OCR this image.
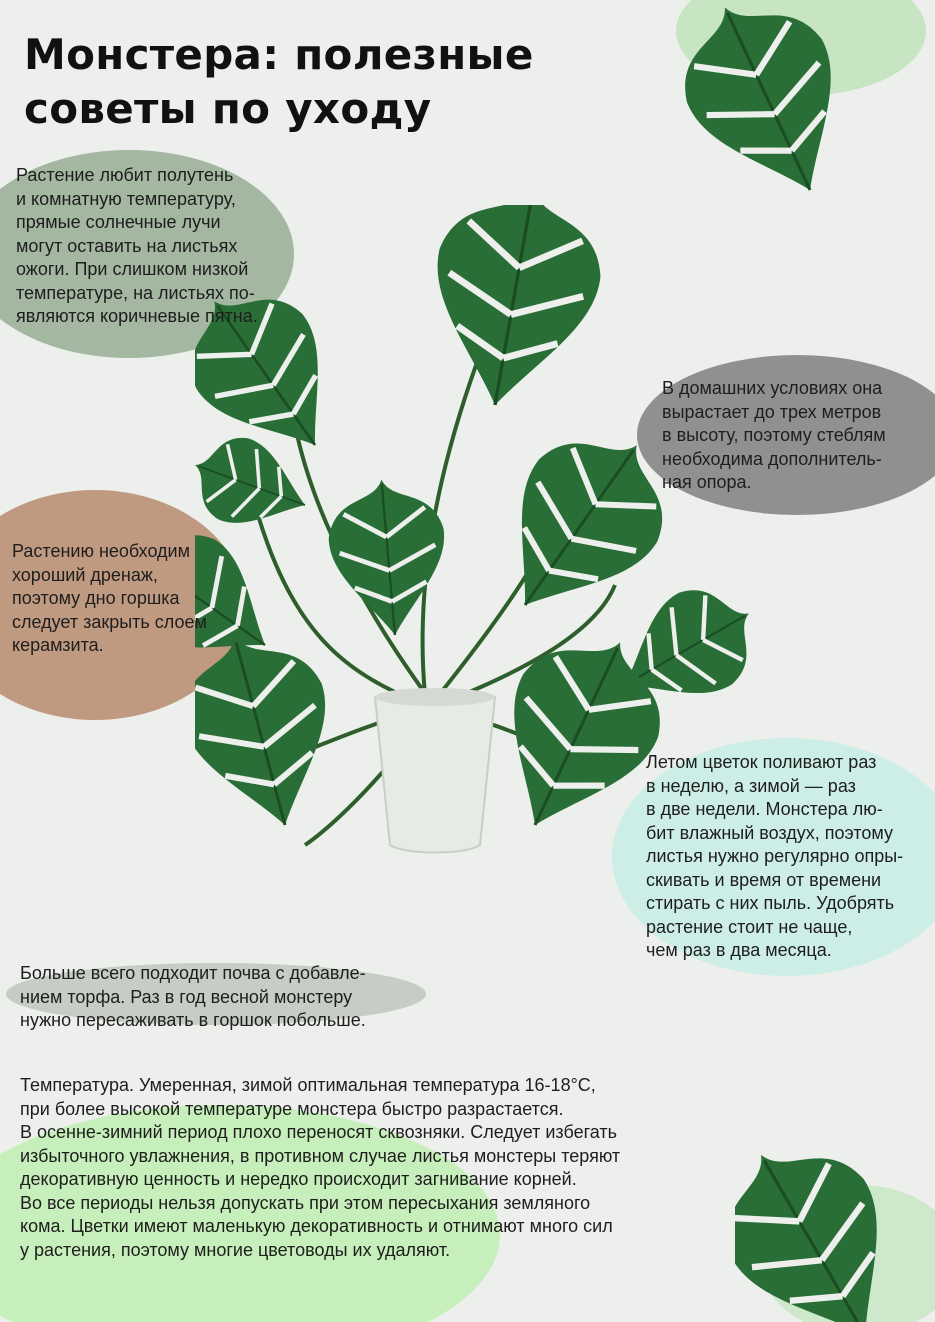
Монстера: полезные
советы по уходу

Растение любит полутень
и комнатную температуру,
прямые солнечные лучи
могут оставить на листьях
ожоги. При слишком низкой
температуре, на листьях по-
являются коричневые пятна.

В домашних условиях она
вырастает до трех метров
в высоту, поэтому стеблям
необходима дополнитель-
ная опора.

Растению необходим
хороший дренаж,
поэтому дно горшка
следует закрыть слоем
керамзита.

Летом цветок поливают раз
в неделю, а зимой — раз
в две недели. Монстера лю-
бит влажный воздух, поэтому
листья нужно регулярно опры-
скивать и время от времени
стирать с них пыль. Удобрять
растение стоит не чаще,
чем раз в два месяца.

Больше всего подходит почва с добавле-
нием торфа. Раз в год весной монстеру
нужно пересаживать в горшок побольше.

Температура. Умеренная, зимой оптимальная температура 16-18°С,
при более высокой температуре монстера быстро разрастается.
В осенне-зимний период плохо переносят сквозняки. Следует избегать
избыточного увлажнения, в противном случае листья монстеры теряют
декоративную ценность и нередко происходит загнивание корней.
Во все периоды нельзя допускать при этом пересыхания земляного
кома. Цветки имеют маленькую декоративность и отнимают много сил
у растения, поэтому многие цветоводы их удаляют.
